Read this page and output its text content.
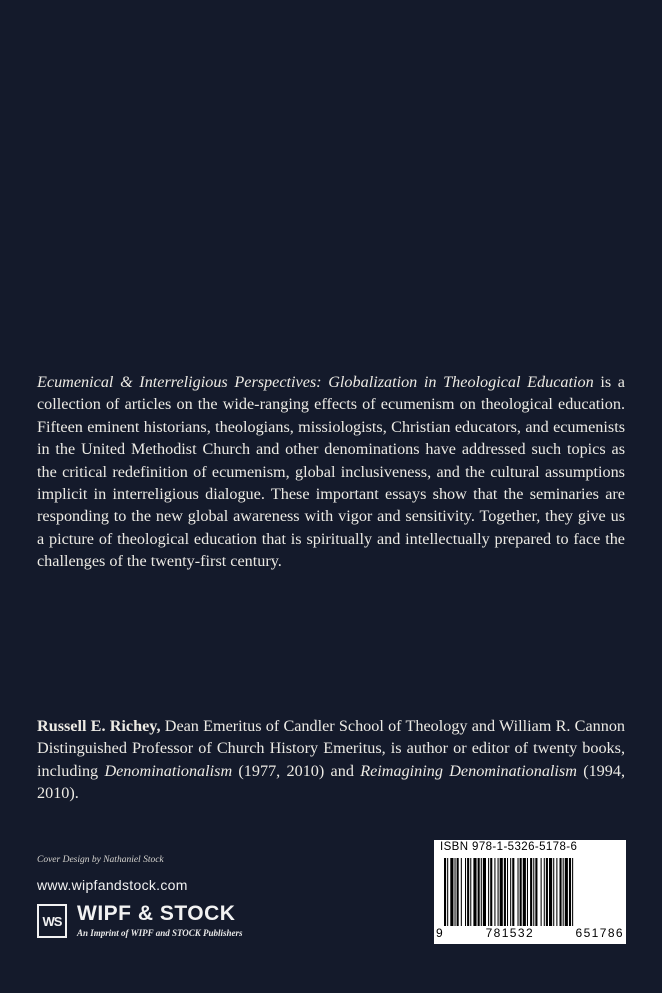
Ecumenical & Interreligious Perspectives: Globalization in Theological Education is a collection of articles on the wide-ranging effects of ecumenism on theological education. Fifteen eminent historians, theologians, missiologists, Christian educators, and ecumenists in the United Methodist Church and other denominations have addressed such topics as the critical redefinition of ecumenism, global inclusiveness, and the cultural assumptions implicit in interreligious dialogue. These important essays show that the seminaries are responding to the new global awareness with vigor and sensitivity. Together, they give us a picture of theological education that is spiritually and intellectually prepared to face the challenges of the twenty-first century.
Russell E. Richey, Dean Emeritus of Candler School of Theology and William R. Cannon Distinguished Professor of Church History Emeritus, is author or editor of twenty books, including Denominationalism (1977, 2010) and Reimagining Denominationalism (1994, 2010).
Cover Design by Nathaniel Stock
www.wipfandstock.com
WS WIPF & STOCK
An Imprint of WIPF and STOCK Publishers
ISBN 978-1-5326-5178-6
9	781532	651786
